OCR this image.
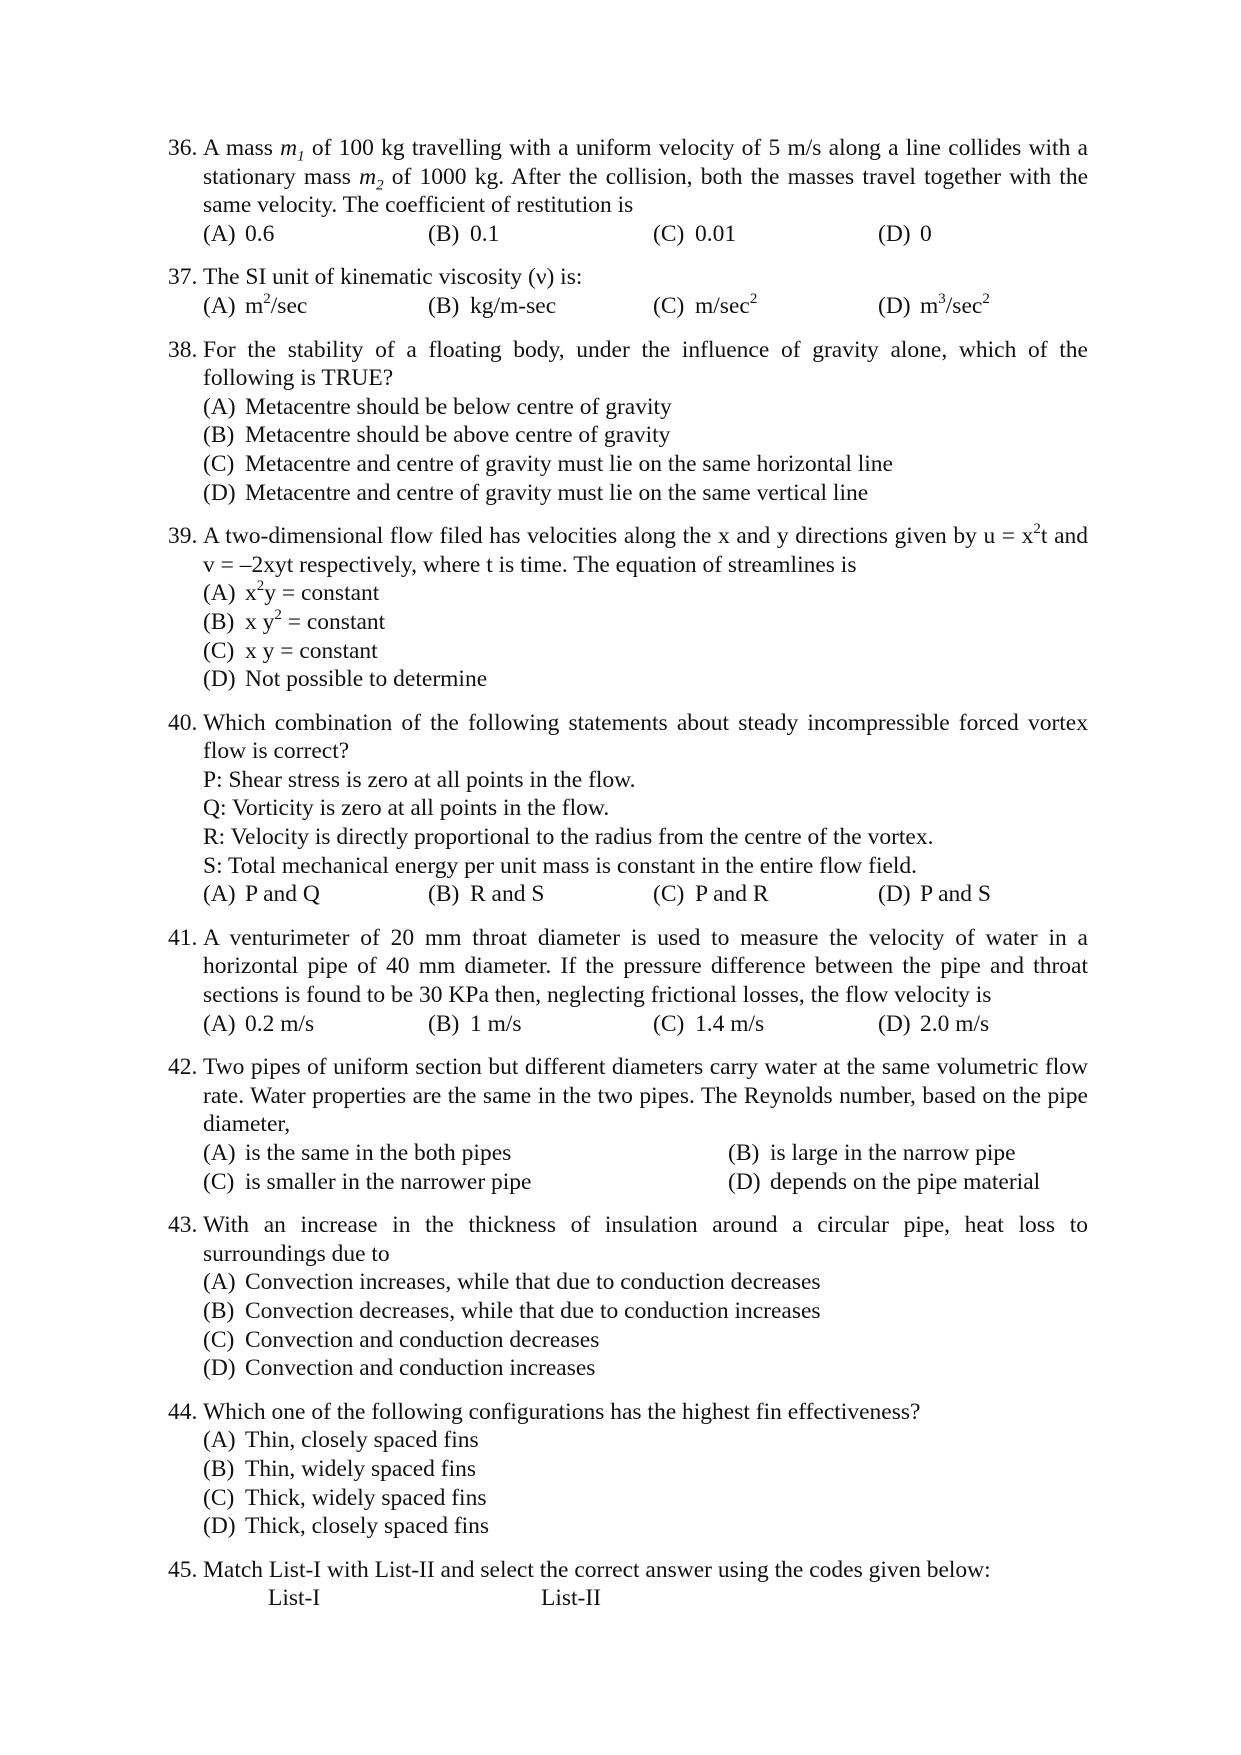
36. A mass $m_1$ of 100 kg travelling with a uniform velocity of 5 m/s along a line collides with a stationary mass $m_2$ of 1000 kg. After the collision, both the masses travel together with the same velocity. The coefficient of restitution is
(A) 0.6	(B) 0.1	(C) 0.01	(D) 0
37. The SI unit of kinematic viscosity (ν) is:
(A) $m^2/\sec$	(B) kg/m-sec	(C) $m/\sec^2$	(D) $m^3/\sec^2$
38. For the stability of a floating body, under the influence of gravity alone, which of the following is TRUE?
(A) Metacentre should be below centre of gravity
(B) Metacentre should be above centre of gravity
(C) Metacentre and centre of gravity must lie on the same horizontal line
(D) Metacentre and centre of gravity must lie on the same vertical line
39. A two-dimensional flow filed has velocities along the x and y directions given by $u = x^2t$ and v = –2xyt respectively, where t is time. The equation of streamlines is
(A) $x^2y$ = constant
(B) x $y^2$ = constant
(C) x y = constant
(D) Not possible to determine
40. Which combination of the following statements about steady incompressible forced vortex flow is correct?
P: Shear stress is zero at all points in the flow.
Q: Vorticity is zero at all points in the flow.
R: Velocity is directly proportional to the radius from the centre of the vortex.
S: Total mechanical energy per unit mass is constant in the entire flow field.
(A) P and Q	(B) R and S	(C) P and R	(D) P and S
41. A venturimeter of 20 mm throat diameter is used to measure the velocity of water in a horizontal pipe of 40 mm diameter. If the pressure difference between the pipe and throat sections is found to be 30 KPa then, neglecting frictional losses, the flow velocity is
(A) 0.2 m/s	(B) 1 m/s	(C) 1.4 m/s	(D) 2.0 m/s
42. Two pipes of uniform section but different diameters carry water at the same volumetric flow rate. Water properties are the same in the two pipes. The Reynolds number, based on the pipe diameter,
(A) is the same in the both pipes	(B) is large in the narrow pipe
(C) is smaller in the narrower pipe	(D) depends on the pipe material
43. With an increase in the thickness of insulation around a circular pipe, heat loss to surroundings due to
(A) Convection increases, while that due to conduction decreases
(B) Convection decreases, while that due to conduction increases
(C) Convection and conduction decreases
(D) Convection and conduction increases
44. Which one of the following configurations has the highest fin effectiveness?
(A) Thin, closely spaced fins
(B) Thin, widely spaced fins
(C) Thick, widely spaced fins
(D) Thick, closely spaced fins
45. Match List-I with List-II and select the correct answer using the codes given below:
List-I	List-II
